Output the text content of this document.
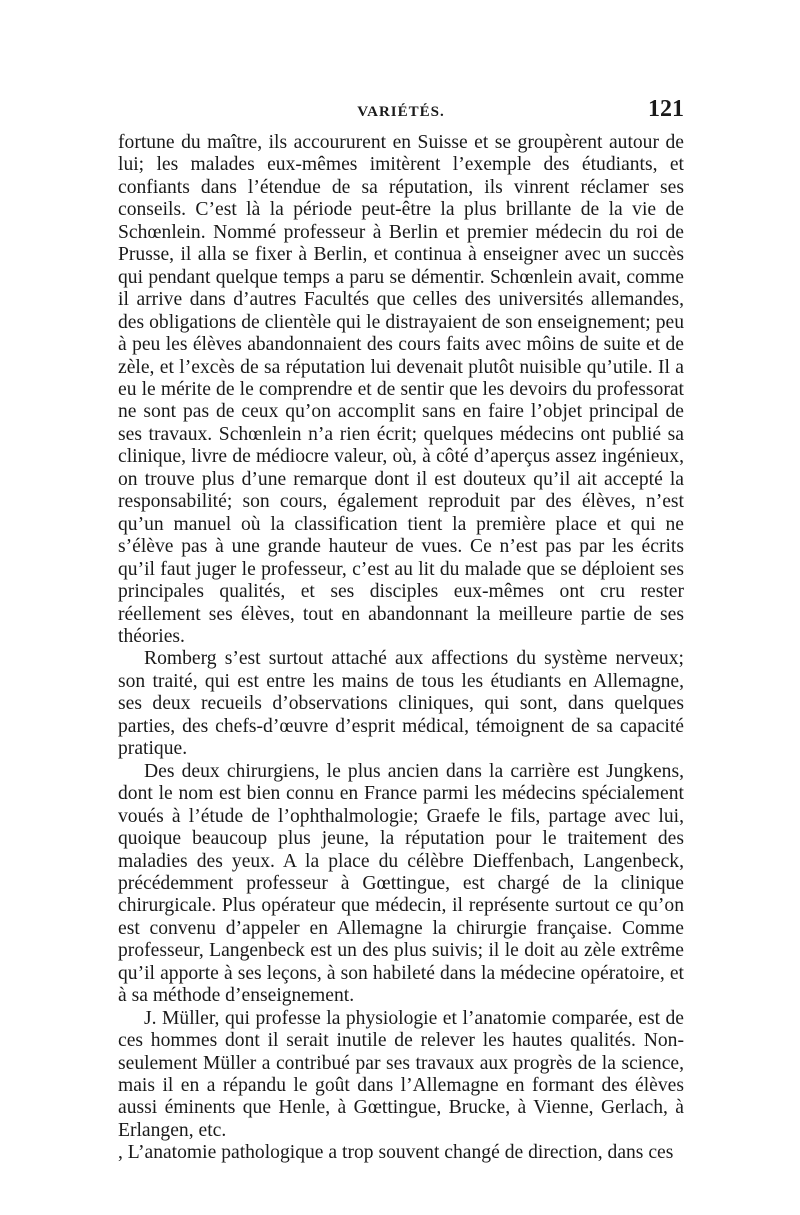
VARIÉTÉS.	121

fortune du maître, ils accoururent en Suisse et se groupèrent autour de lui; les malades eux-mêmes imitèrent l’exemple des étudiants, et confiants dans l’étendue de sa réputation, ils vinrent réclamer ses conseils. C’est là la période peut-être la plus brillante de la vie de Schœnlein. Nommé professeur à Berlin et premier médecin du roi de Prusse, il alla se fixer à Berlin, et continua à enseigner avec un succès qui pendant quelque temps a paru se démentir. Schœnlein avait, comme il arrive dans d’autres Facultés que celles des universités allemandes, des obligations de clientèle qui le distrayaient de son enseignement; peu à peu les élèves abandonnaient des cours faits avec môins de suite et de zèle, et l’excès de sa réputation lui devenait plutôt nuisible qu’utile. Il a eu le mérite de le comprendre et de sentir que les devoirs du professorat ne sont pas de ceux qu’on accomplit sans en faire l’objet principal de ses travaux. Schœnlein n’a rien écrit; quelques médecins ont publié sa clinique, livre de médiocre valeur, où, à côté d’aperçus assez ingénieux, on trouve plus d’une remarque dont il est douteux qu’il ait accepté la responsabilité; son cours, également reproduit par des élèves, n’est qu’un manuel où la classification tient la première place et qui ne s’élève pas à une grande hauteur de vues. Ce n’est pas par les écrits qu’il faut juger le professeur, c’est au lit du malade que se déploient ses principales qualités, et ses disciples eux-mêmes ont cru rester réellement ses élèves, tout en abandonnant la meilleure partie de ses théories.

Romberg s’est surtout attaché aux affections du système nerveux; son traité, qui est entre les mains de tous les étudiants en Allemagne, ses deux recueils d’observations cliniques, qui sont, dans quelques parties, des chefs-d’œuvre d’esprit médical, témoignent de sa capacité pratique.

Des deux chirurgiens, le plus ancien dans la carrière est Jungkens, dont le nom est bien connu en France parmi les médecins spécialement voués à l’étude de l’ophthalmologie; Graefe le fils, partage avec lui, quoique beaucoup plus jeune, la réputation pour le traitement des maladies des yeux. A la place du célèbre Dieffenbach, Langenbeck, précédemment professeur à Gœttingue, est chargé de la clinique chirurgicale. Plus opérateur que médecin, il représente surtout ce qu’on est convenu d’appeler en Allemagne la chirurgie française. Comme professeur, Langenbeck est un des plus suivis; il le doit au zèle extrême qu’il apporte à ses leçons, à son habileté dans la médecine opératoire, et à sa méthode d’enseignement.

J. Müller, qui professe la physiologie et l’anatomie comparée, est de ces hommes dont il serait inutile de relever les hautes qualités. Non-seulement Müller a contribué par ses travaux aux progrès de la science, mais il en a répandu le goût dans l’Allemagne en formant des élèves aussi éminents que Henle, à Gœttingue, Brucke, à Vienne, Gerlach, à Erlangen, etc.

, L’anatomie pathologique a trop souvent changé de direction, dans ces
